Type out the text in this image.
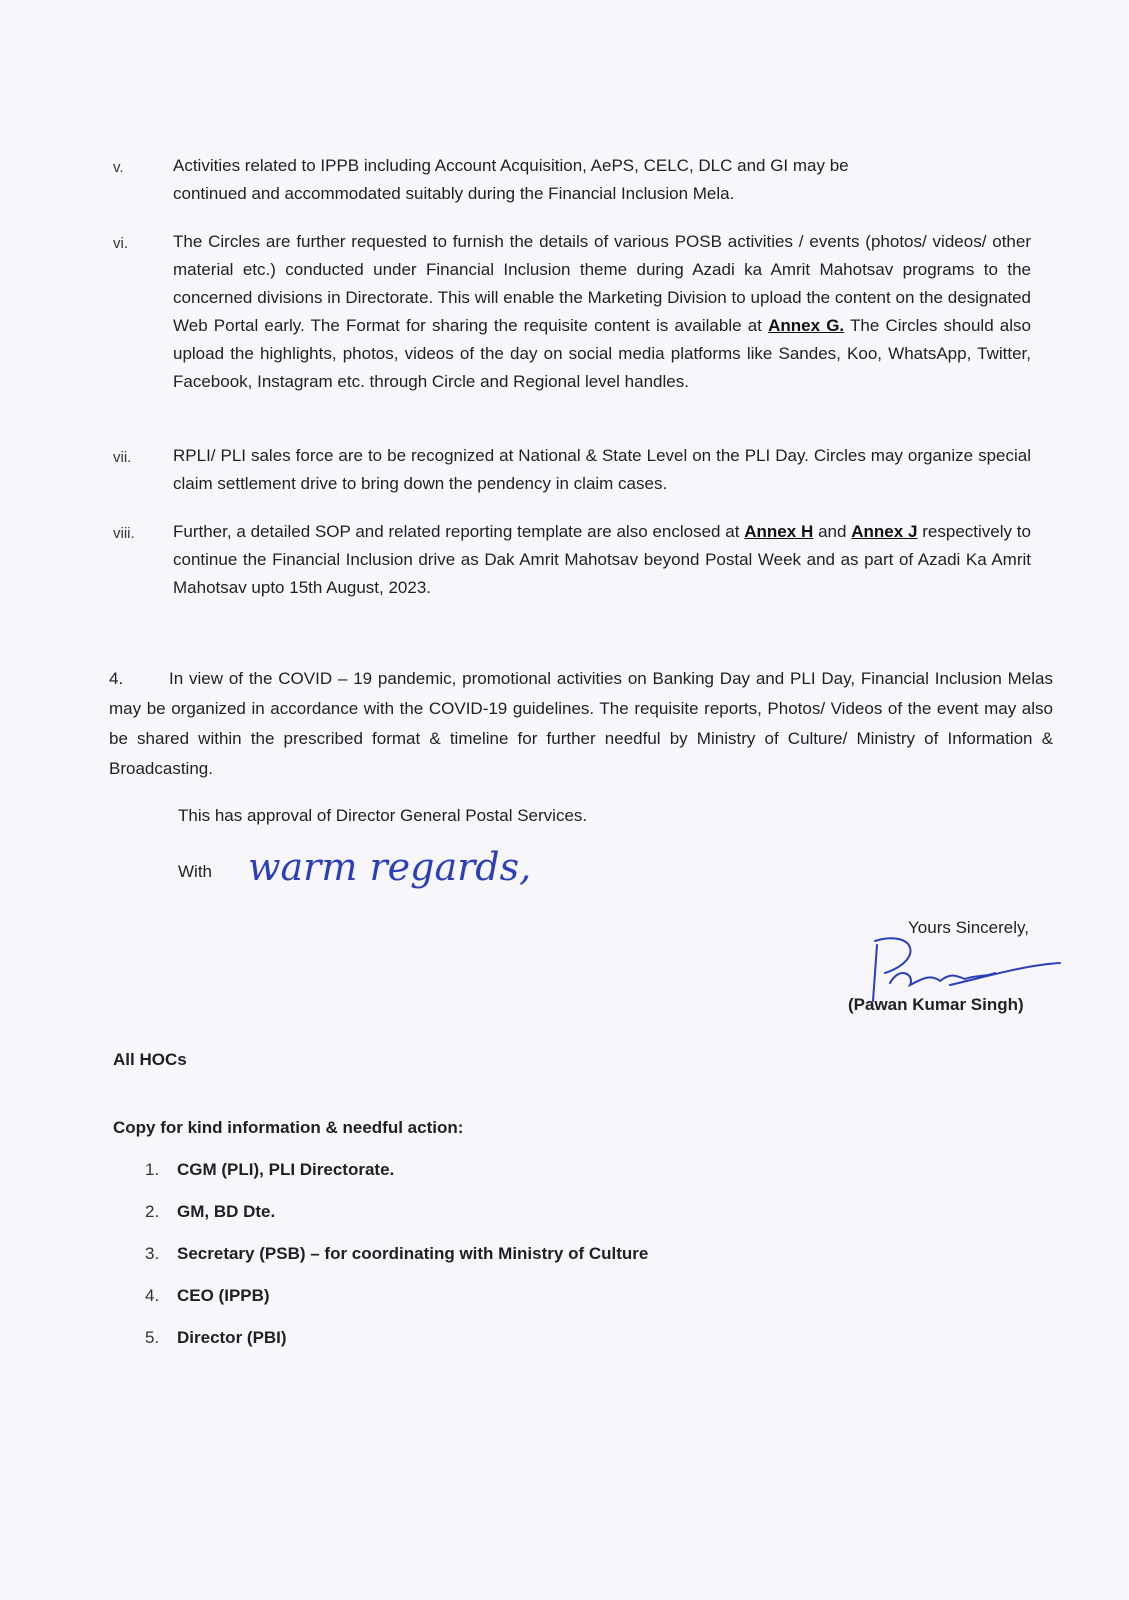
v.	Activities related to IPPB including Account Acquisition, AePS, CELC, DLC and GI may be
continued and accommodated suitably during the Financial Inclusion Mela.
vi.	The Circles are further requested to furnish the details of various POSB activities / events (photos/ videos/ other material etc.) conducted under Financial Inclusion theme during Azadi ka Amrit Mahotsav programs to the concerned divisions in Directorate. This will enable the Marketing Division to upload the content on the designated Web Portal early. The Format for sharing the requisite content is available at Annex G. The Circles should also upload the highlights, photos, videos of the day on social media platforms like Sandes, Koo, WhatsApp, Twitter, Facebook, Instagram etc. through Circle and Regional level handles.
vii. RPLI/ PLI sales force are to be recognized at National & State Level on the PLI Day. Circles may organize special claim settlement drive to bring down the pendency in claim cases.
viii. Further, a detailed SOP and related reporting template are also enclosed at Annex H and Annex J respectively to continue the Financial Inclusion drive as Dak Amrit Mahotsav beyond Postal Week and as part of Azadi Ka Amrit Mahotsav upto 15th August, 2023.
4.	In view of the COVID – 19 pandemic, promotional activities on Banking Day and PLI Day, Financial Inclusion Melas may be organized in accordance with the COVID-19 guidelines. The requisite reports, Photos/ Videos of the event may also be shared within the prescribed format & timeline for further needful by Ministry of Culture/ Ministry of Information & Broadcasting.
This has approval of Director General Postal Services.
With warm regards,
Yours Sincerely,
(Pawan Kumar Singh)
All HOCs
Copy for kind information & needful action:
1.	CGM (PLI), PLI Directorate.
2.	GM, BD Dte.
3.	Secretary (PSB) – for coordinating with Ministry of Culture
4.	CEO (IPPB)
5.	Director (PBI)
